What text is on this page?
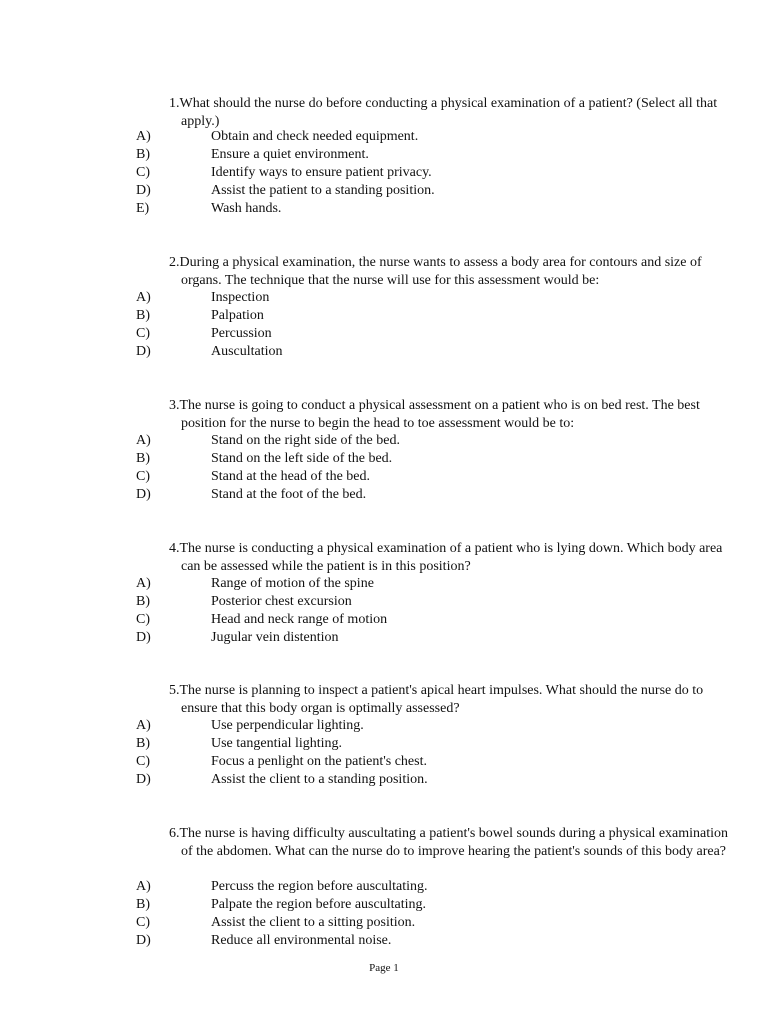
1.What should the nurse do before conducting a physical examination of a patient? (Select all that apply.)
A)	Obtain and check needed equipment.
B)	Ensure a quiet environment.
C)	Identify ways to ensure patient privacy.
D)	Assist the patient to a standing position.
E)	Wash hands.
2.During a physical examination, the nurse wants to assess a body area for contours and size of organs. The technique that the nurse will use for this assessment would be:
A)	Inspection
B)	Palpation
C)	Percussion
D)	Auscultation
3.The nurse is going to conduct a physical assessment on a patient who is on bed rest. The best position for the nurse to begin the head to toe assessment would be to:
A)	Stand on the right side of the bed.
B)	Stand on the left side of the bed.
C)	Stand at the head of the bed.
D)	Stand at the foot of the bed.
4.The nurse is conducting a physical examination of a patient who is lying down. Which body area can be assessed while the patient is in this position?
A)	Range of motion of the spine
B)	Posterior chest excursion
C)	Head and neck range of motion
D)	Jugular vein distention
5.The nurse is planning to inspect a patient's apical heart impulses. What should the nurse do to ensure that this body organ is optimally assessed?
A)	Use perpendicular lighting.
B)	Use tangential lighting.
C)	Focus a penlight on the patient's chest.
D)	Assist the client to a standing position.
6.The nurse is having difficulty auscultating a patient's bowel sounds during a physical examination of the abdomen. What can the nurse do to improve hearing the patient's sounds of this body area?
A)	Percuss the region before auscultating.
B)	Palpate the region before auscultating.
C)	Assist the client to a sitting position.
D)	Reduce all environmental noise.
Page 1
